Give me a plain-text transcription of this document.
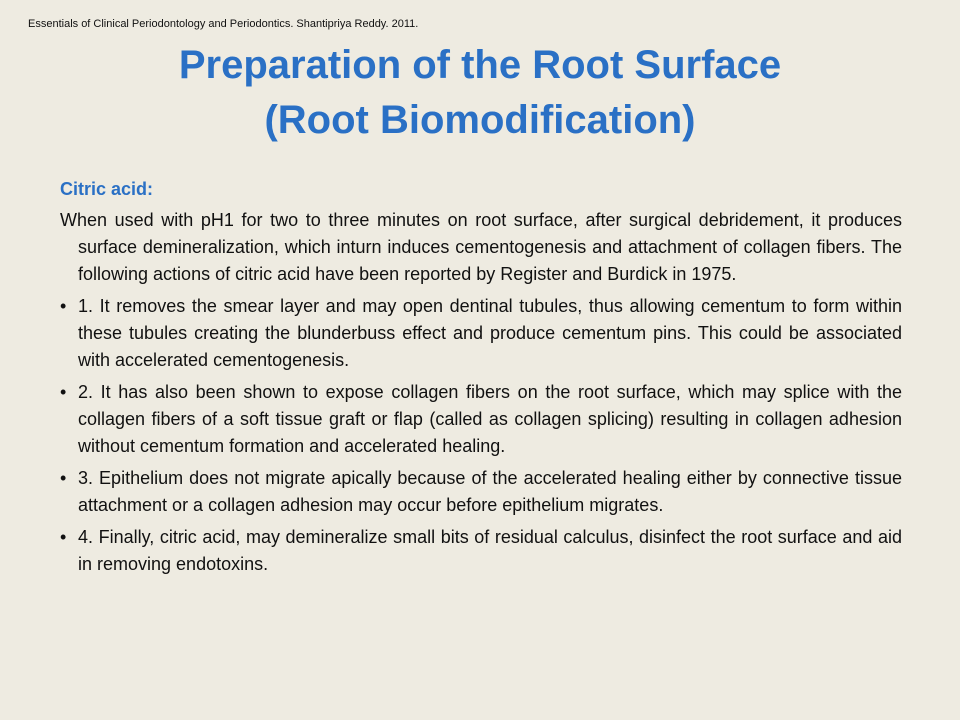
Essentials of Clinical Periodontology and Periodontics. Shantipriya Reddy. 2011.
Preparation of the Root Surface
(Root Biomodification)
Citric acid:
When used with pH1 for two to three minutes on root surface, after surgical debridement, it produces surface demineralization, which inturn induces cementogenesis and attachment of collagen fibers. The following actions of citric acid have been reported by Register and Burdick in 1975.
• 1. It removes the smear layer and may open dentinal tubules, thus allowing cementum to form within these tubules creating the blunderbuss effect and produce cementum pins. This could be associated with accelerated cementogenesis.
• 2. It has also been shown to expose collagen fibers on the root surface, which may splice with the collagen fibers of a soft tissue graft or flap (called as collagen splicing) resulting in collagen adhesion without cementum formation and accelerated healing.
• 3. Epithelium does not migrate apically because of the accelerated healing either by connective tissue attachment or a collagen adhesion may occur before epithelium migrates.
• 4. Finally, citric acid, may demineralize small bits of residual calculus, disinfect the root surface and aid in removing endotoxins.
